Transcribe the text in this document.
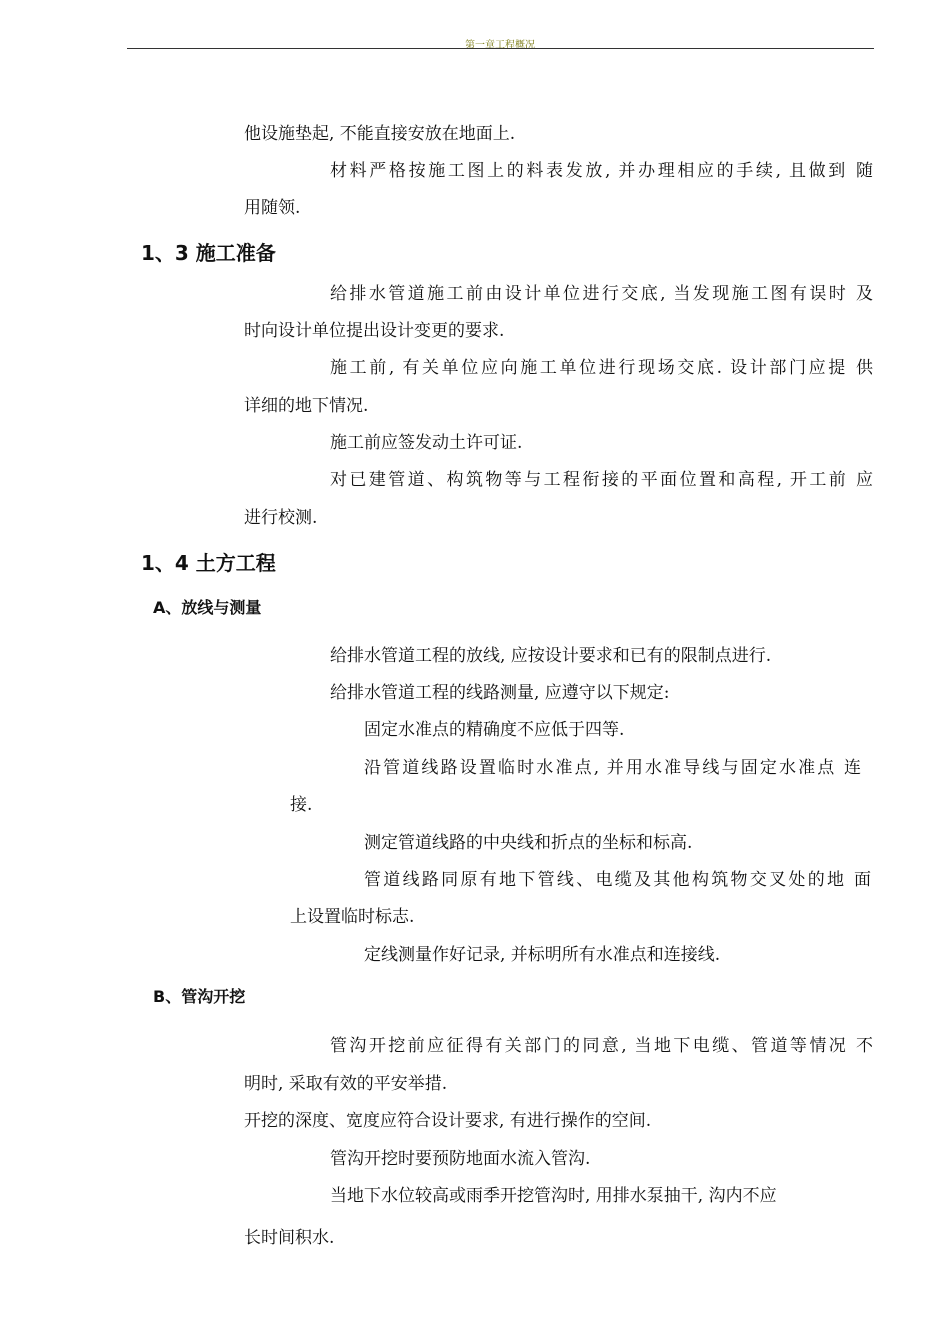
第一章工程概况
他设施垫起, 不能直接安放在地面上.
材料严格按施工图上的料表发放, 并办理相应的手续, 且做到 随
用随领.
1、3 施工准备
给排水管道施工前由设计单位进行交底, 当发现施工图有误时 及
时向设计单位提出设计变更的要求.
施工前, 有关单位应向施工单位进行现场交底. 设计部门应提 供
详细的地下情况.
施工前应签发动土许可证.
对已建管道、构筑物等与工程衔接的平面位置和高程, 开工前 应
进行校测.
1、4 土方工程
A、放线与测量
给排水管道工程的放线, 应按设计要求和已有的限制点进行.
给排水管道工程的线路测量, 应遵守以下规定:
固定水准点的精确度不应低于四等.
沿管道线路设置临时水准点, 并用水准导线与固定水准点 连
接.
测定管道线路的中央线和折点的坐标和标高.
管道线路同原有地下管线、电缆及其他构筑物交叉处的地 面
上设置临时标志.
定线测量作好记录, 并标明所有水准点和连接线.
B、管沟开挖
管沟开挖前应征得有关部门的同意, 当地下电缆、管道等情况 不
明时, 采取有效的平安举措.
开挖的深度、宽度应符合设计要求, 有进行操作的空间.
管沟开挖时要预防地面水流入管沟.
当地下水位较高或雨季开挖管沟时, 用排水泵抽干, 沟内不应
长时间积水.
